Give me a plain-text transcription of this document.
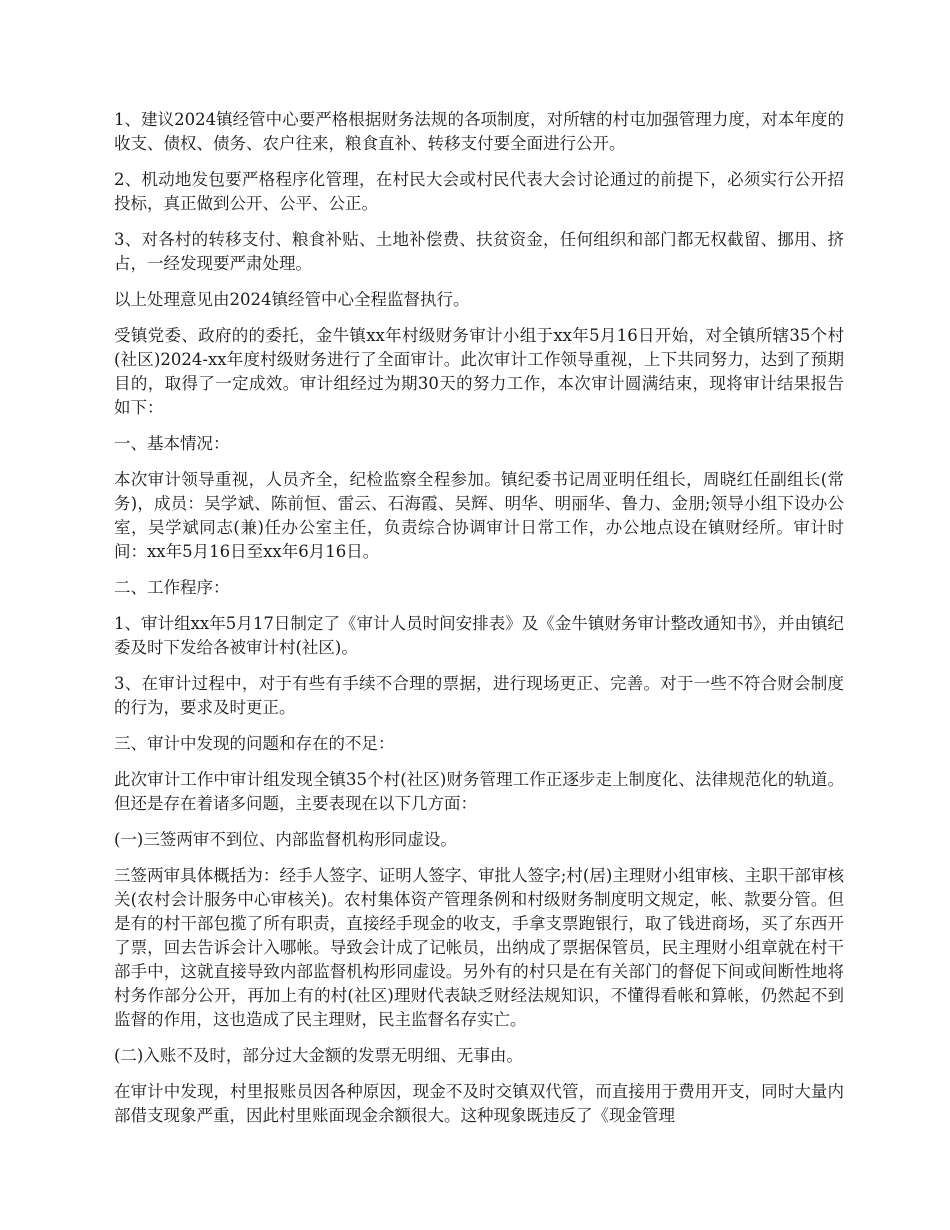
1、建议2024镇经管中心要严格根据财务法规的各项制度，对所辖的村屯加强管理力度，对本年度的收支、债权、债务、农户往来，粮食直补、转移支付要全面进行公开。

2、机动地发包要严格程序化管理，在村民大会或村民代表大会讨论通过的前提下，必须实行公开招投标，真正做到公开、公平、公正。

3、对各村的转移支付、粮食补贴、土地补偿费、扶贫资金，任何组织和部门都无权截留、挪用、挤占，一经发现要严肃处理。

以上处理意见由2024镇经管中心全程监督执行。

受镇党委、政府的的委托，金牛镇xx年村级财务审计小组于xx年5月16日开始，对全镇所辖35个村(社区)2024-xx年度村级财务进行了全面审计。此次审计工作领导重视，上下共同努力，达到了预期目的，取得了一定成效。审计组经过为期30天的努力工作，本次审计圆满结束，现将审计结果报告如下：

一、基本情况：

本次审计领导重视，人员齐全，纪检监察全程参加。镇纪委书记周亚明任组长，周晓红任副组长(常务)，成员：吴学斌、陈前恒、雷云、石海霞、吴辉、明华、明丽华、鲁力、金朋;领导小组下设办公室，吴学斌同志(兼)任办公室主任，负责综合协调审计日常工作，办公地点设在镇财经所。审计时间：xx年5月16日至xx年6月16日。

二、工作程序：

1、审计组xx年5月17日制定了《审计人员时间安排表》及《金牛镇财务审计整改通知书》，并由镇纪委及时下发给各被审计村(社区)。

3、在审计过程中，对于有些有手续不合理的票据，进行现场更正、完善。对于一些不符合财会制度的行为，要求及时更正。

三、审计中发现的问题和存在的不足：

此次审计工作中审计组发现全镇35个村(社区)财务管理工作正逐步走上制度化、法律规范化的轨道。但还是存在着诸多问题，主要表现在以下几方面：

(一)三签两审不到位、内部监督机构形同虚设。

三签两审具体概括为：经手人签字、证明人签字、审批人签字;村(居)主理财小组审核、主职干部审核关(农村会计服务中心审核关)。农村集体资产管理条例和村级财务制度明文规定，帐、款要分管。但是有的村干部包揽了所有职责，直接经手现金的收支，手拿支票跑银行，取了钱进商场，买了东西开了票，回去告诉会计入哪帐。导致会计成了记帐员，出纳成了票据保管员，民主理财小组章就在村干部手中，这就直接导致内部监督机构形同虚设。另外有的村只是在有关部门的督促下间或间断性地将村务作部分公开，再加上有的村(社区)理财代表缺乏财经法规知识，不懂得看帐和算帐，仍然起不到监督的作用，这也造成了民主理财，民主监督名存实亡。

(二)入账不及时，部分过大金额的发票无明细、无事由。

在审计中发现，村里报账员因各种原因，现金不及时交镇双代管，而直接用于费用开支，同时大量内部借支现象严重，因此村里账面现金余额很大。这种现象既违反了《现金管理
